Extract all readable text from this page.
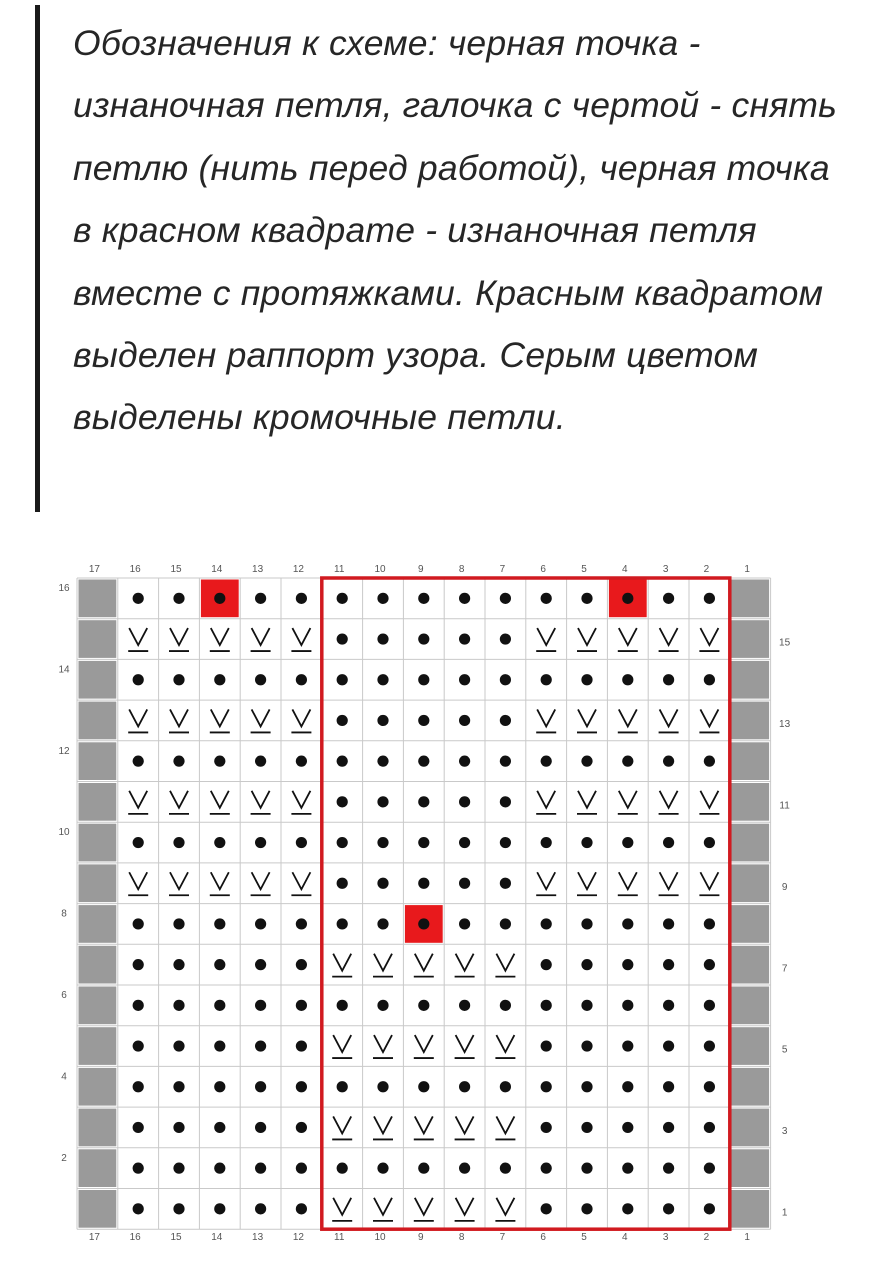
Обозначения к схеме: черная точка - изнаночная петля, галочка с чертой - снять петлю (нить перед работой), черная точка в красном квадрате - изнаночная петля вместе с протяжками. Красным квадратом выделен раппорт узора. Серым цветом выделены кромочные петли.

17
17
16
16
15
15
14
14
13
13
12
12
11
11
10
10
9
9
8
8
7
7
6
6
5
5
4
4
3
3
2
2
1
1
16
15
14
13
12
11
10
9
8
7
6
5
4
3
2
1
